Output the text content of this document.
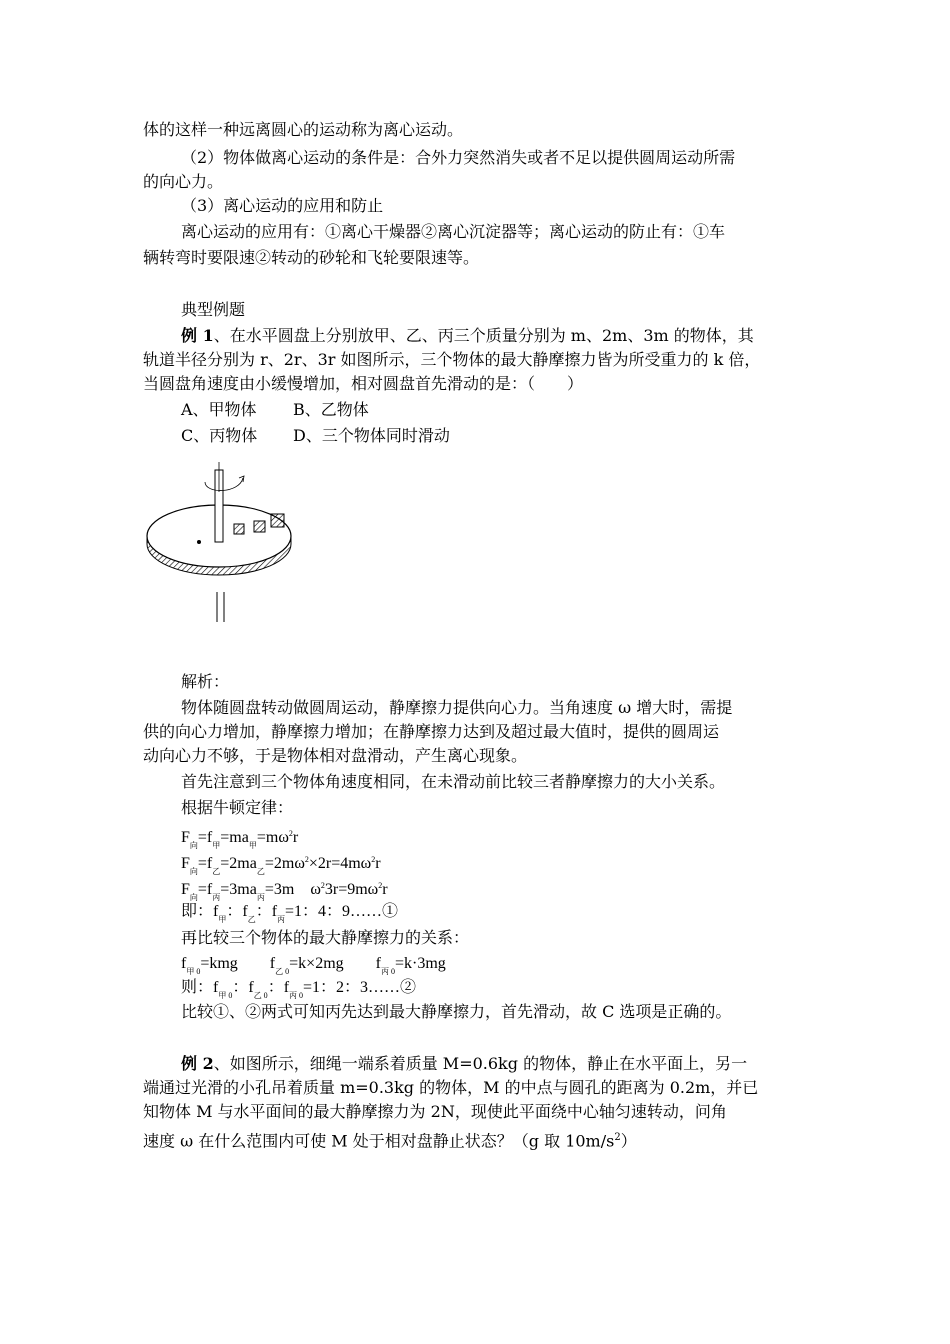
体的这样一种远离圆心的运动称为离心运动。
（2）物体做离心运动的条件是：合外力突然消失或者不足以提供圆周运动所需
的向心力。
（3）离心运动的应用和防止
离心运动的应用有：①离心干燥器②离心沉淀器等；离心运动的防止有：①车
辆转弯时要限速②转动的砂轮和飞轮要限速等。
典型例题
例 1、在水平圆盘上分别放甲、乙、丙三个质量分别为 m、2m、3m 的物体，其
轨道半径分别为 r、2r、3r 如图所示，三个物体的最大静摩擦力皆为所受重力的 k 倍，
当圆盘角速度由小缓慢增加，相对圆盘首先滑动的是：（　　）
A、甲物体 B、乙物体
C、丙物体 D、三个物体同时滑动
解析：
物体随圆盘转动做圆周运动，静摩擦力提供向心力。当角速度 ω 增大时，需提
供的向心力增加，静摩擦力增加；在静摩擦力达到及超过最大值时，提供的圆周运
动向心力不够，于是物体相对盘滑动，产生离心现象。
首先注意到三个物体角速度相同，在未滑动前比较三者静摩擦力的大小关系。
根据牛顿定律：
$F_向=f_甲=ma_甲=m\omega^2r$
$F_向=f_乙=2ma_乙=2m\omega^2\times 2r=4m\omega^2r$
$F_向=f_丙=3ma_丙=3m$　$\omega^23r=9m\omega^2r$
即：$f_甲$：$f_乙$：$f_丙=1$：4：9……①
再比较三个物体的最大静摩擦力的关系：
$f_{甲 0}=kmg$　　$f_{乙 0}=k\times 2mg$　　$f_{丙 0}=k\cdot 3mg$
则：$f_{甲 0}$：$f_{乙 0}$：$f_{丙 0}=1$：2：3……②
比较①、②两式可知丙先达到最大静摩擦力，首先滑动，故 C 选项是正确的。
例 2、如图所示，细绳一端系着质量 M=0.6kg 的物体，静止在水平面上，另一
端通过光滑的小孔吊着质量 m=0.3kg 的物体，M 的中点与圆孔的距离为 0.2m，并已
知物体 M 与水平面间的最大静摩擦力为 2N，现使此平面绕中心轴匀速转动，问角
速度 ω 在什么范围内可使 M 处于相对盘静止状态？（g 取 $10m/s^2$）
